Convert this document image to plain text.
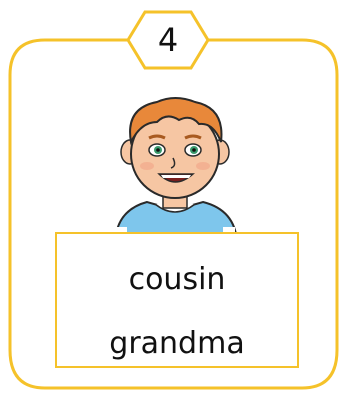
4
cousin
grandma
